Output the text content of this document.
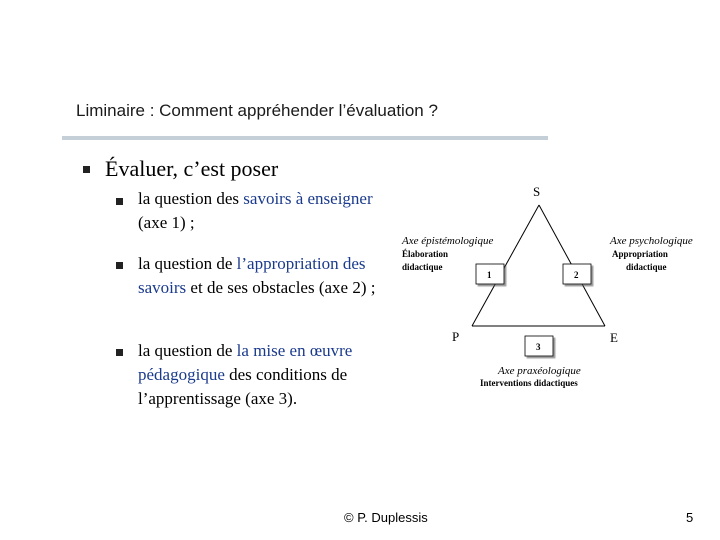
Liminaire : Comment appréhender l’évaluation ?
Évaluer, c’est poser
la question des savoirs à enseigner (axe 1) ;
la question de l’appropriation des savoirs et de ses obstacles (axe 2) ;
la question de la mise en œuvre pédagogique des conditions de l’apprentissage (axe 3).
S
P	E
Axe épistémologique
Élaboration
didactique
Axe psychologique
Appropriation
didactique
Axe praxéologique
Interventions didactiques
1	2
3
© P. Duplessis	5
